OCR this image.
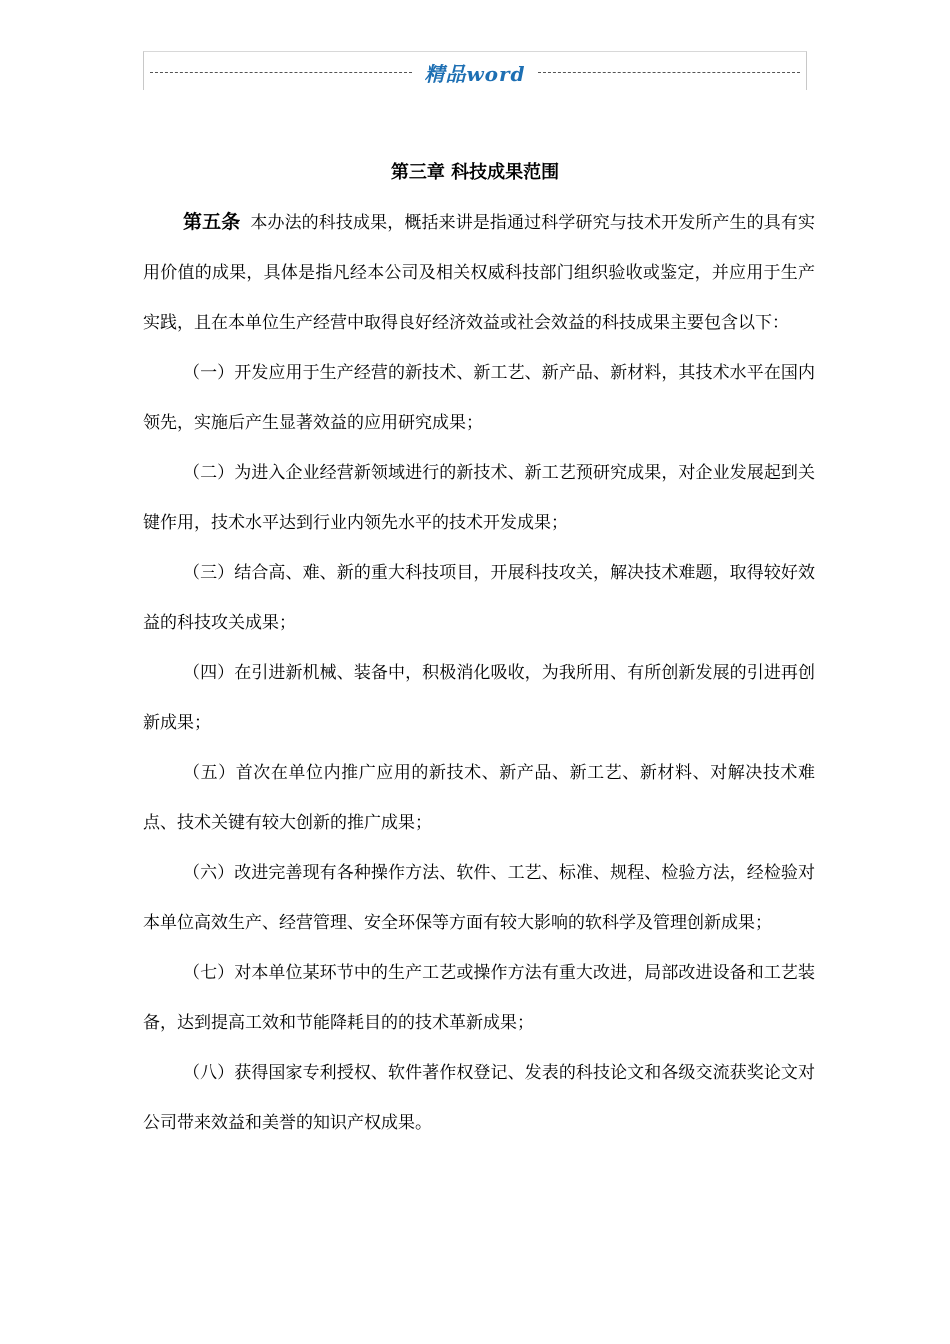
精品word
第三章 科技成果范围

第五条 本办法的科技成果，概括来讲是指通过科学研究与技术开发所产生的具有实用价值的成果，具体是指凡经本公司及相关权威科技部门组织验收或鉴定，并应用于生产实践，且在本单位生产经营中取得良好经济效益或社会效益的科技成果主要包含以下：

（一）开发应用于生产经营的新技术、新工艺、新产品、新材料，其技术水平在国内领先，实施后产生显著效益的应用研究成果；

（二）为进入企业经营新领域进行的新技术、新工艺预研究成果，对企业发展起到关键作用，技术水平达到行业内领先水平的技术开发成果；

（三）结合高、难、新的重大科技项目，开展科技攻关，解决技术难题，取得较好效益的科技攻关成果；

（四）在引进新机械、装备中，积极消化吸收，为我所用、有所创新发展的引进再创新成果；

（五）首次在单位内推广应用的新技术、新产品、新工艺、新材料、对解决技术难点、技术关键有较大创新的推广成果；

（六）改进完善现有各种操作方法、软件、工艺、标准、规程、检验方法，经检验对本单位高效生产、经营管理、安全环保等方面有较大影响的软科学及管理创新成果；

（七）对本单位某环节中的生产工艺或操作方法有重大改进，局部改进设备和工艺装备，达到提高工效和节能降耗目的的技术革新成果；

（八）获得国家专利授权、软件著作权登记、发表的科技论文和各级交流获奖论文对公司带来效益和美誉的知识产权成果。
